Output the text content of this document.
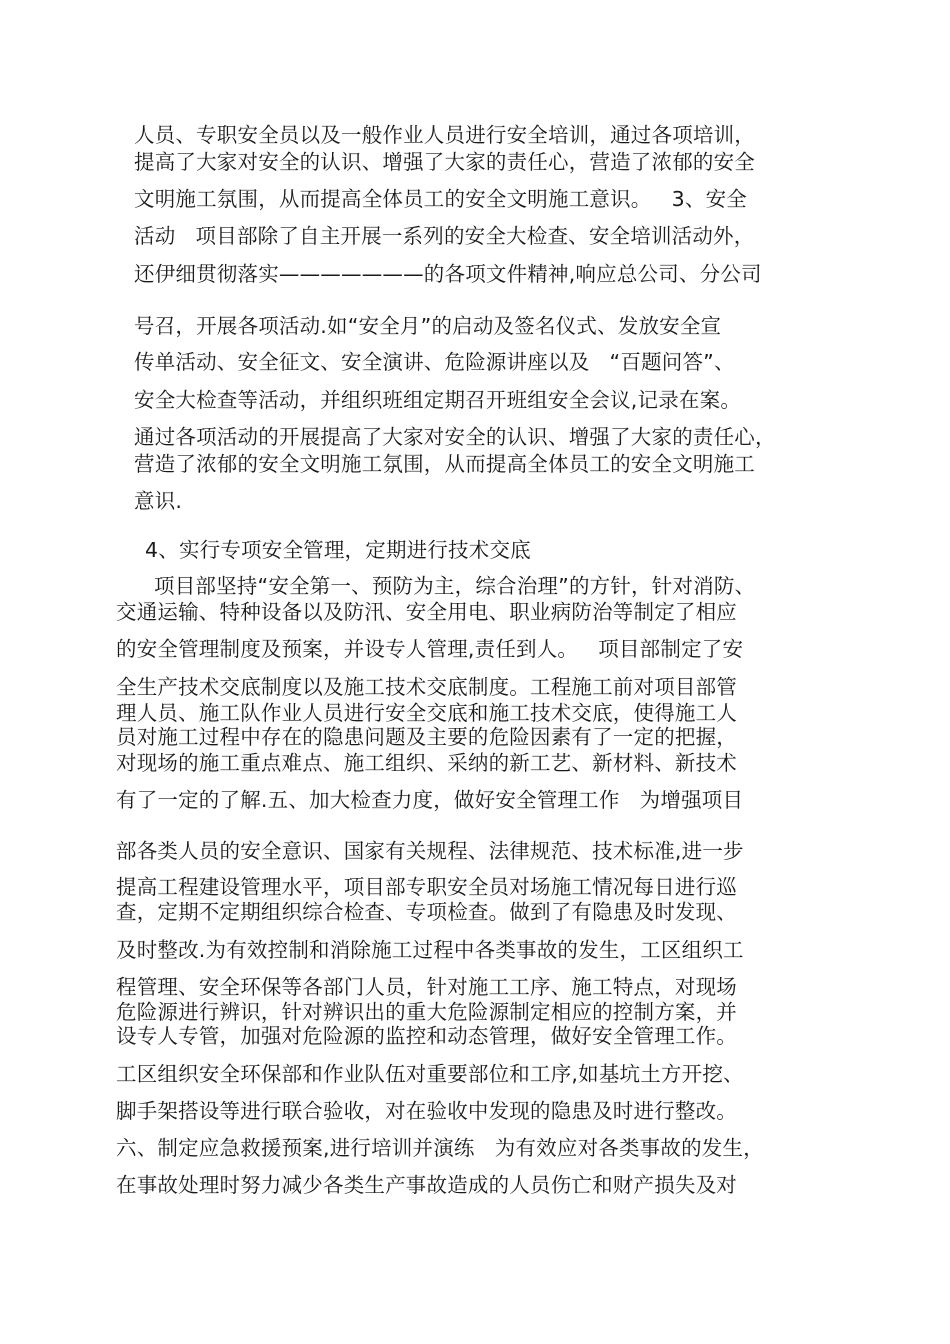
人员、专职安全员以及一般作业人员进行安全培训，通过各项培训，
提高了大家对安全的认识、增强了大家的责任心，营造了浓郁的安全
文明施工氛围，从而提高全体员工的安全文明施工意识。   3、安全
活动   项目部除了自主开展一系列的安全大检查、安全培训活动外，
还伊细贯彻落实———————的各项文件精神,响应总公司、分公司
号召，开展各项活动.如“安全月”的启动及签名仪式、发放安全宣
传单活动、安全征文、安全演讲、危险源讲座以及   “百题问答”、
安全大检查等活动，并组织班组定期召开班组安全会议,记录在案。
通过各项活动的开展提高了大家对安全的认识、增强了大家的责任心，
营造了浓郁的安全文明施工氛围，从而提高全体员工的安全文明施工
意识.
4、实行专项安全管理，定期进行技术交底
项目部坚持“安全第一、预防为主，综合治理”的方针，针对消防、
交通运输、特种设备以及防汛、安全用电、职业病防治等制定了相应
的安全管理制度及预案，并设专人管理,责任到人。   项目部制定了安
全生产技术交底制度以及施工技术交底制度。工程施工前对项目部管
理人员、施工队作业人员进行安全交底和施工技术交底，使得施工人
员对施工过程中存在的隐患问题及主要的危险因素有了一定的把握，
对现场的施工重点难点、施工组织、采纳的新工艺、新材料、新技术
有了一定的了解.五、加大检查力度，做好安全管理工作   为增强项目
部各类人员的安全意识、国家有关规程、法律规范、技术标准,进一步
提高工程建设管理水平，项目部专职安全员对场施工情况每日进行巡
查，定期不定期组织综合检查、专项检查。做到了有隐患及时发现、
及时整改.为有效控制和消除施工过程中各类事故的发生，工区组织工
程管理、安全环保等各部门人员，针对施工工序、施工特点，对现场
危险源进行辨识，针对辨识出的重大危险源制定相应的控制方案，并
设专人专管，加强对危险源的监控和动态管理，做好安全管理工作。
工区组织安全环保部和作业队伍对重要部位和工序,如基坑土方开挖、
脚手架搭设等进行联合验收，对在验收中发现的隐患及时进行整改。
六、制定应急救援预案,进行培训并演练   为有效应对各类事故的发生，
在事故处理时努力减少各类生产事故造成的人员伤亡和财产损失及对
